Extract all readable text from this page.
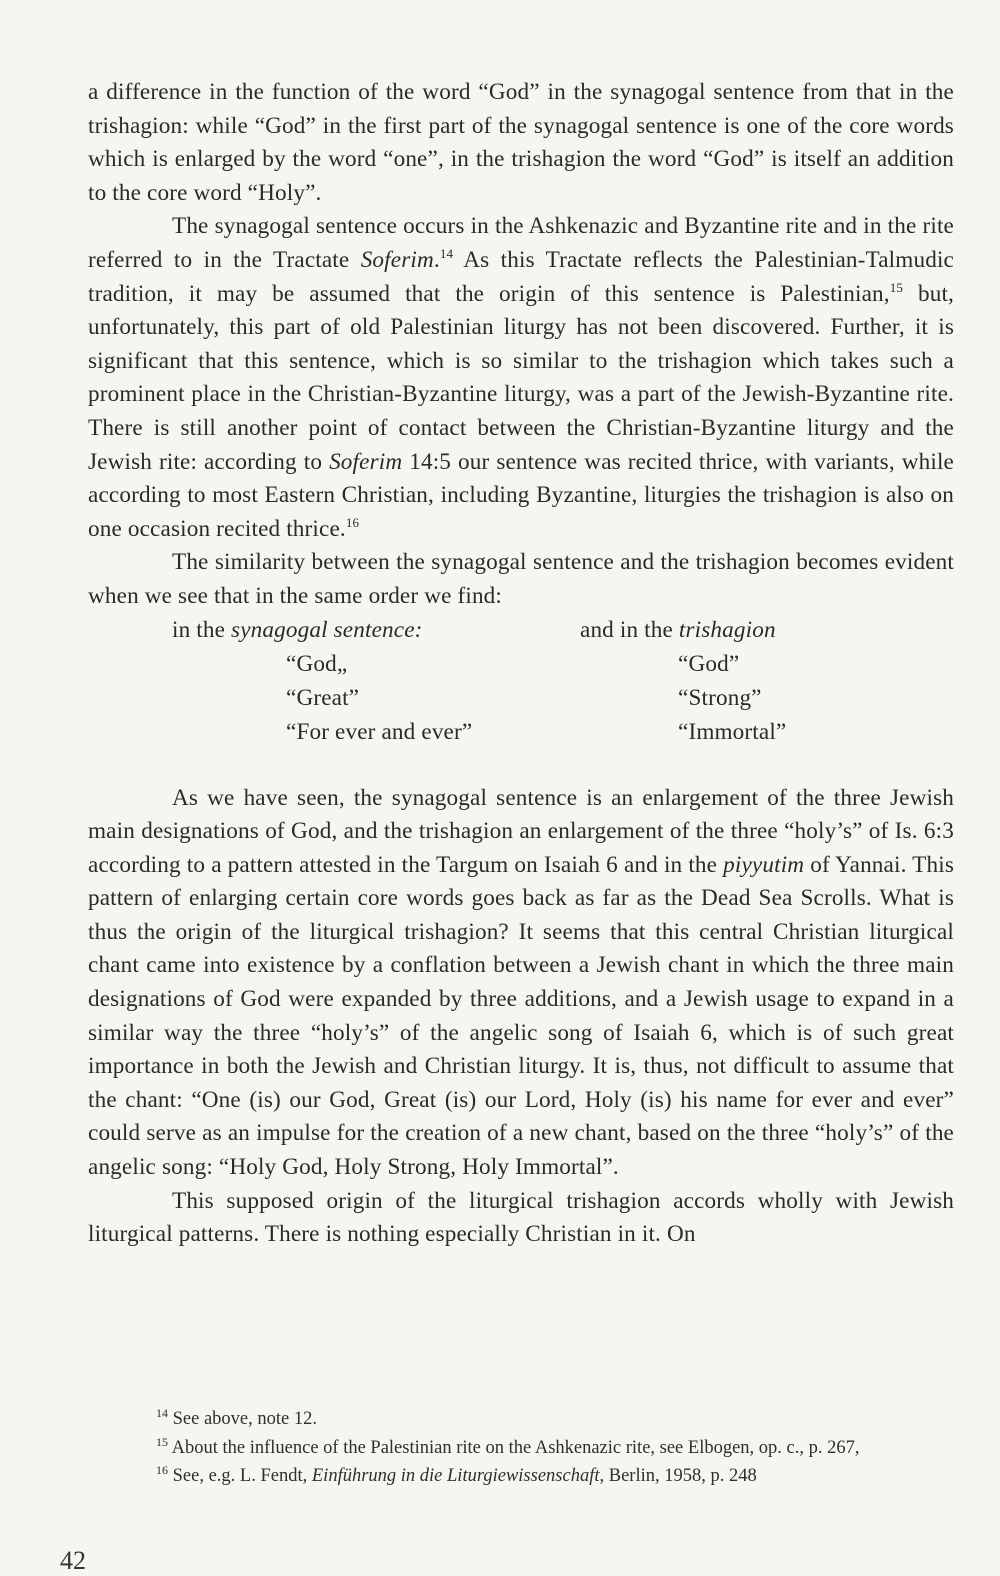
a difference in the function of the word “God” in the synagogal sentence from that in the trishagion: while “God” in the first part of the synagogal sentence is one of the core words which is enlarged by the word “one”, in the trishagion the word “God” is itself an addition to the core word “Holy”.

The synagogal sentence occurs in the Ashkenazic and Byzantine rite and in the rite referred to in the Tractate Soferim.$^{14}$ As this Tractate reflects the Palestinian-Talmudic tradition, it may be assumed that the origin of this sentence is Palestinian,$^{15}$ but, unfortunately, this part of old Palestinian liturgy has not been discovered. Further, it is significant that this sentence, which is so similar to the trishagion which takes such a prominent place in the Christian-Byzantine liturgy, was a part of the Jewish-Byzantine rite. There is still another point of contact between the Christian-Byzantine liturgy and the Jewish rite: according to Soferim 14:5 our sentence was recited thrice, with variants, while according to most Eastern Christian, including Byzantine, liturgies the trishagion is also on one occasion recited thrice.$^{16}$

The similarity between the synagogal sentence and the trishagion becomes evident when we see that in the same order we find:

in the synagogal sentence:	and in the trishagion
“God„	“God”
“Great”	“Strong”
“For ever and ever”	“Immortal”

As we have seen, the synagogal sentence is an enlargement of the three Jewish main designations of God, and the trishagion an enlargement of the three “holy’s” of Is. 6:3 according to a pattern attested in the Targum on Isaiah 6 and in the piyyutim of Yannai. This pattern of enlarging certain core words goes back as far as the Dead Sea Scrolls. What is thus the origin of the liturgical trishagion? It seems that this central Christian liturgical chant came into existence by a conflation between a Jewish chant in which the three main designations of God were expanded by three additions, and a Jewish usage to expand in a similar way the three “holy’s” of the angelic song of Isaiah 6, which is of such great importance in both the Jewish and Christian liturgy. It is, thus, not difficult to assume that the chant: “One (is) our God, Great (is) our Lord, Holy (is) his name for ever and ever” could serve as an impulse for the creation of a new chant, based on the three “holy’s” of the angelic song: “Holy God, Holy Strong, Holy Immortal”.

This supposed origin of the liturgical trishagion accords wholly with Jewish liturgical patterns. There is nothing especially Christian in it. On

$^{14}$ See above, note 12.

$^{15}$ About the influence of the Palestinian rite on the Ashkenazic rite, see Elbogen, op. c., p. 267,

$^{16}$ See, e.g. L. Fendt, Einführung in die Liturgiewissenschaft, Berlin, 1958, p. 248

42
